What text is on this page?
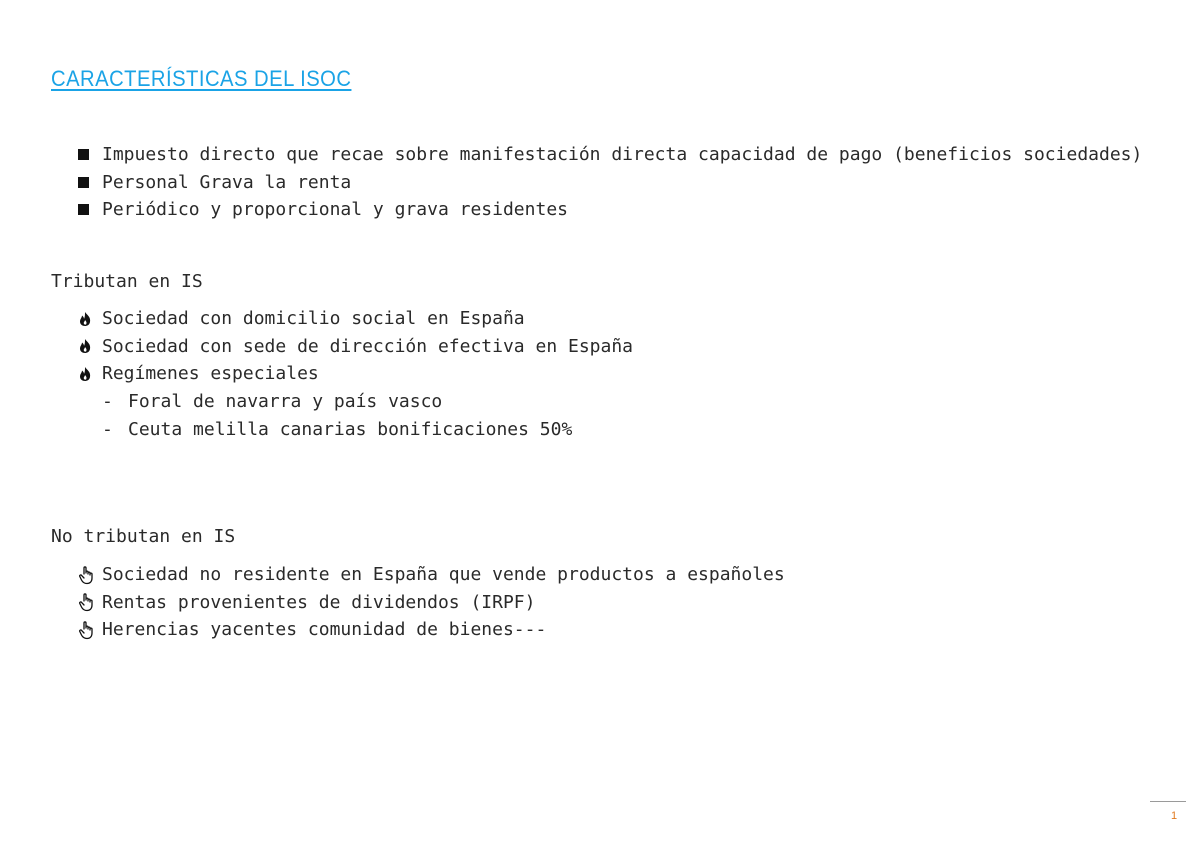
CARACTERÍSTICAS DEL ISOC
Impuesto directo que recae sobre manifestación directa capacidad de pago (beneficios sociedades)
Personal Grava la renta
Periódico y proporcional y grava residentes
Tributan en IS
Sociedad con domicilio social en España
Sociedad con sede de dirección efectiva en España
Regímenes especiales
- Foral de navarra y país vasco
- Ceuta melilla canarias bonificaciones 50%
No tributan en IS
Sociedad no residente en España que vende productos a españoles
Rentas provenientes de dividendos (IRPF)
Herencias yacentes comunidad de bienes---
1
